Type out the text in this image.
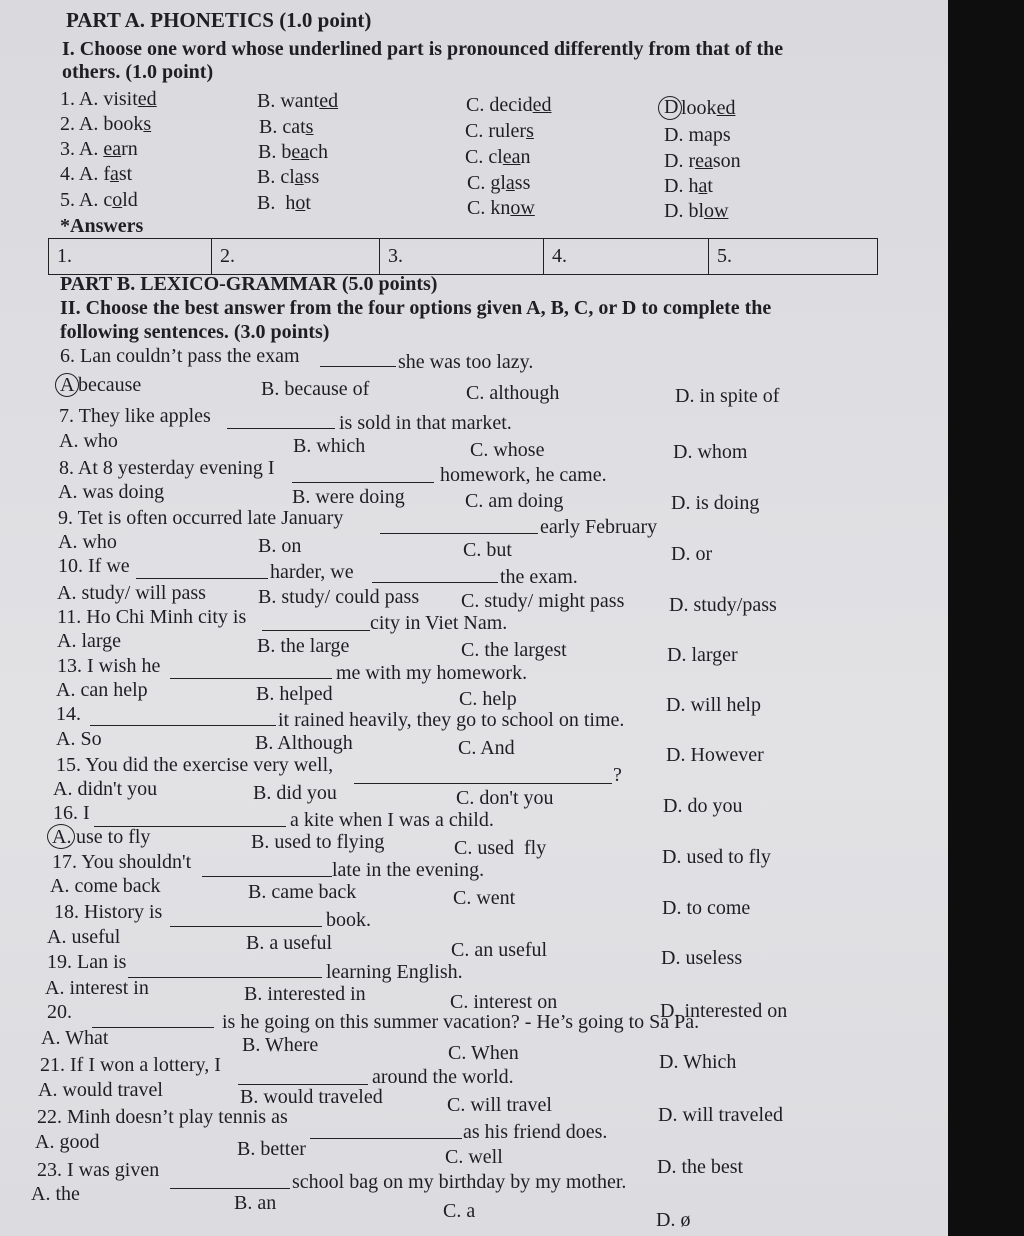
PART A. PHONETICS (1.0 point)
I. Choose one word whose underlined part is pronounced differently from that of the
others. (1.0 point)
1. A. visited	B. wanted	C. decided	D looked
2. A. books	B. cats	C. rulers	D. maps
3. A. earn	B. beach	C. clean	D. reason
4. A. fast	B. class	C. glass	D. hat
5. A. cold	B.  hot	C. know	D. blow
*Answers
1.	2.	3.	4.	5.
PART B. LEXICO-GRAMMAR (5.0 points)
II. Choose the best answer from the four options given A, B, C, or D to complete the
following sentences. (3.0 points)
6. Lan couldn’t pass the exam	she was too lazy.
A because	B. because of	C. although	D. in spite of
7. They like apples	is sold in that market.
A. who	B. which	C. whose	D. whom
8. At 8 yesterday evening I	homework, he came.
A. was doing	B. were doing	C. am doing	D. is doing
9. Tet is often occurred late January	early February
A. who	B. on	C. but	D. or
10. If we	harder, we	the exam.
A. study/ will pass	B. study/ could pass C. study/ might pass D. study/pass
11. Ho Chi Minh city is	city in Viet Nam.
A. large	B. the large	C. the largest	D. larger
13. I wish he	me with my homework.
A. can help	B. helped	C. help	D. will help
14.	it rained heavily, they go to school on time.
A. So	B. Although	C. And	D. However
15. You did the exercise very well,	?
A. didn't you	B. did you	C. don't you	D. do you
16. I	a kite when I was a child.
A. use to fly	B. used to flying	C. used  fly	D. used to fly
17. You shouldn't	late in the evening.
A. come back	B. came back	C. went	D. to come
18. History is	book.
A. useful	B. a useful	C. an useful	D. useless
19. Lan is	learning English.
A. interest in	B. interested in	C. interest on	D. interested on
20.	is he going on this summer vacation? - He’s going to Sa Pa.
A. What	B. Where	C. When	D. Which
21. If I won a lottery, I
around the world.
A. would travel	B. would traveled	C. will travel	D. will traveled
22. Minh doesn’t play tennis as
as his friend does.
A. good	B. better	C. well	D. the best
23. I was given
school bag on my birthday by my mother.
A. the	B. an	C. a	D. ø
